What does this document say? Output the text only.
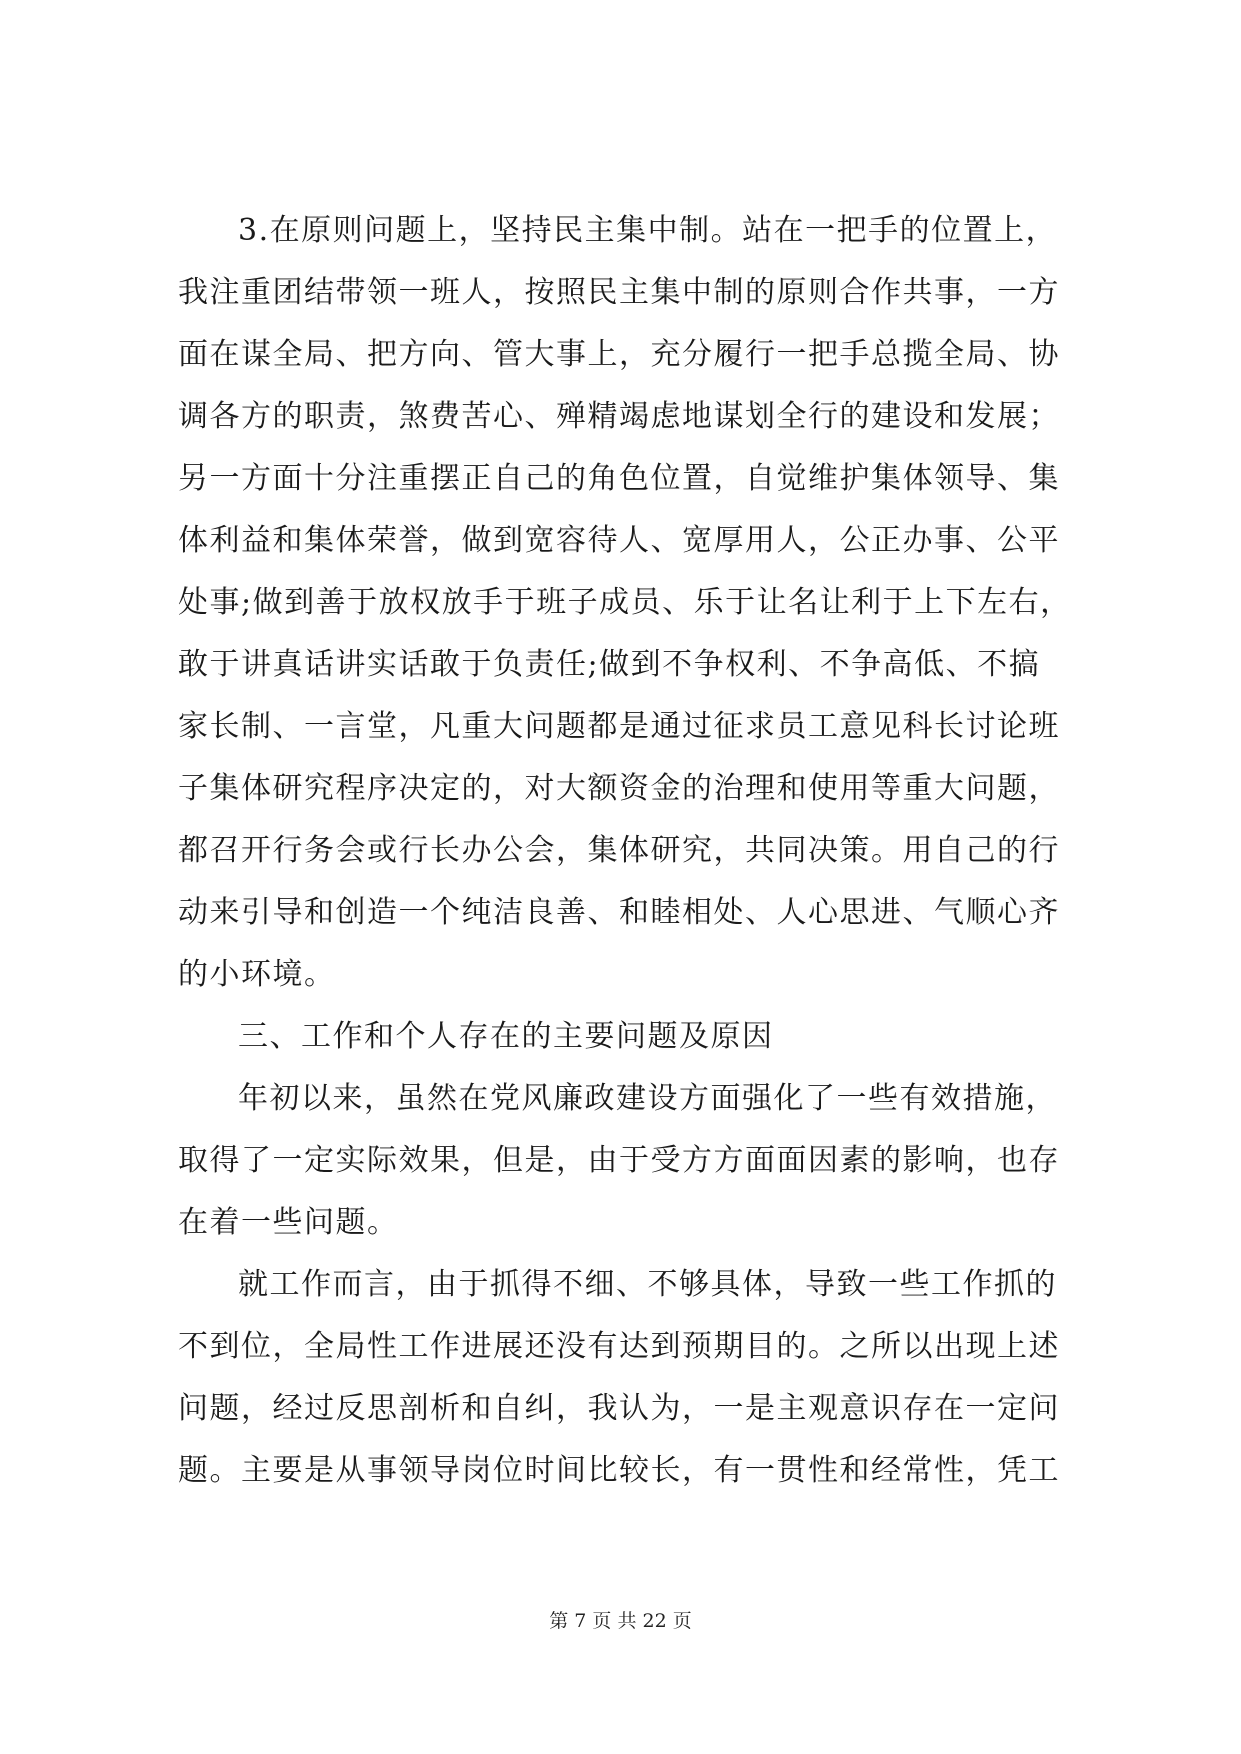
3.在原则问题上，坚持民主集中制。站在一把手的位置上，
我注重团结带领一班人，按照民主集中制的原则合作共事，一方
面在谋全局、把方向、管大事上，充分履行一把手总揽全局、协
调各方的职责，煞费苦心、殚精竭虑地谋划全行的建设和发展；
另一方面十分注重摆正自己的角色位置，自觉维护集体领导、集
体利益和集体荣誉，做到宽容待人、宽厚用人，公正办事、公平
处事;做到善于放权放手于班子成员、乐于让名让利于上下左右，
敢于讲真话讲实话敢于负责任;做到不争权利、不争高低、不搞
家长制、一言堂，凡重大问题都是通过征求员工意见科长讨论班
子集体研究程序决定的，对大额资金的治理和使用等重大问题，
都召开行务会或行长办公会，集体研究，共同决策。用自己的行
动来引导和创造一个纯洁良善、和睦相处、人心思进、气顺心齐
的小环境。
三、工作和个人存在的主要问题及原因
年初以来，虽然在党风廉政建设方面强化了一些有效措施，
取得了一定实际效果，但是，由于受方方面面因素的影响，也存
在着一些问题。
就工作而言，由于抓得不细、不够具体，导致一些工作抓的
不到位，全局性工作进展还没有达到预期目的。之所以出现上述
问题，经过反思剖析和自纠，我认为，一是主观意识存在一定问
题。主要是从事领导岗位时间比较长，有一贯性和经常性，凭工
第 7 页 共 22 页
